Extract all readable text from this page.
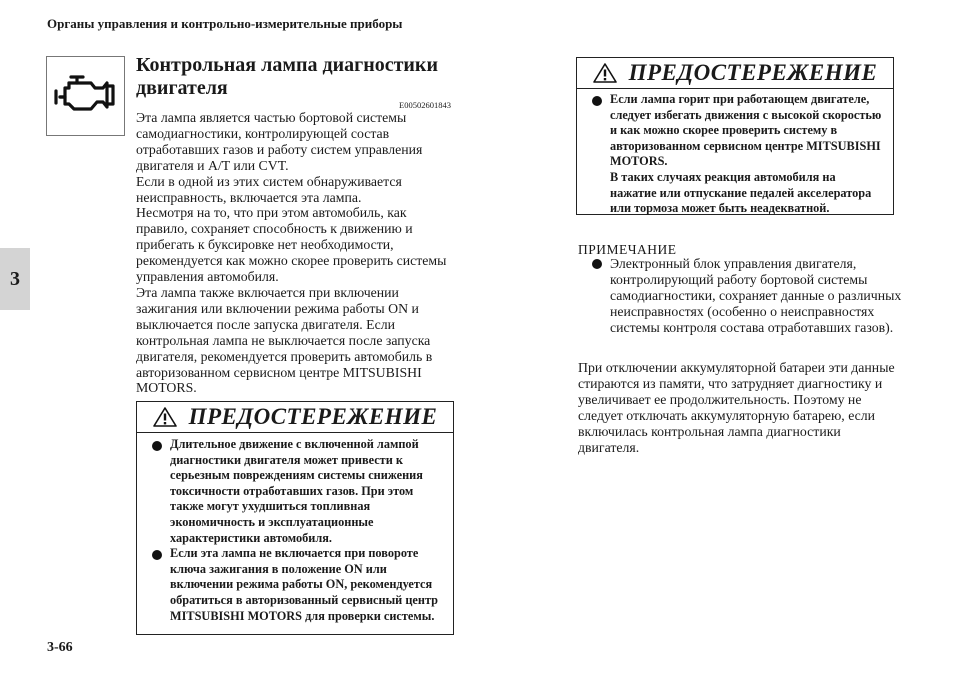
Органы управления и контрольно-измерительные приборы
3
Контрольная лампа диагностики двигателя
E00502601843

Эта лампа является частью бортовой системы самодиагностики, контролирующей состав отработавших газов и работу систем управления двигателя и A/T или CVT.

Если в одной из этих систем обнаруживается неисправность, включается эта лампа.

Несмотря на то, что при этом автомобиль, как правило, сохраняет способность к движению и прибегать к буксировке нет необходимости, рекомендуется как можно скорее проверить системы управления автомобиля.

Эта лампа также включается при включении зажигания или включении режима работы ON и выключается после запуска двигателя. Если контрольная лампа не выключается после запуска двигателя, рекомендуется проверить автомобиль в авторизованном сервисном центре MITSUBISHI MOTORS.

ПРЕДОСТЕРЕЖЕНИЕ
Длительное движение с включенной лампой диагностики двигателя может привести к серьезным повреждениям системы снижения токсичности отработавших газов. При этом также могут ухудшиться топливная экономичность и эксплуатационные характеристики автомобиля.
Если эта лампа не включается при повороте ключа зажигания в положение ON или включении режима работы ON, рекомендуется обратиться в авторизованный сервисный центр MITSUBISHI MOTORS для проверки системы.
ПРЕДОСТЕРЕЖЕНИЕ
Если лампа горит при работающем двигателе, следует избегать движения с высокой скоростью и как можно скорее проверить систему в авторизованном сервисном центре MITSUBISHI MOTORS.
В таких случаях реакция автомобиля на нажатие или отпускание педалей акселератора или тормоза может быть неадекватной.
ПРИМЕЧАНИЕ
Электронный блок управления двигателя, контролирующий работу бортовой системы самодиагностики, сохраняет данные о различных неисправностях (особенно о неисправностях системы контроля состава отработавших газов).

При отключении аккумуляторной батареи эти данные стираются из памяти, что затрудняет диагностику и увеличивает ее продолжительность. Поэтому не следует отключать аккумуляторную батарею, если включилась контрольная лампа диагностики двигателя.

3-66
